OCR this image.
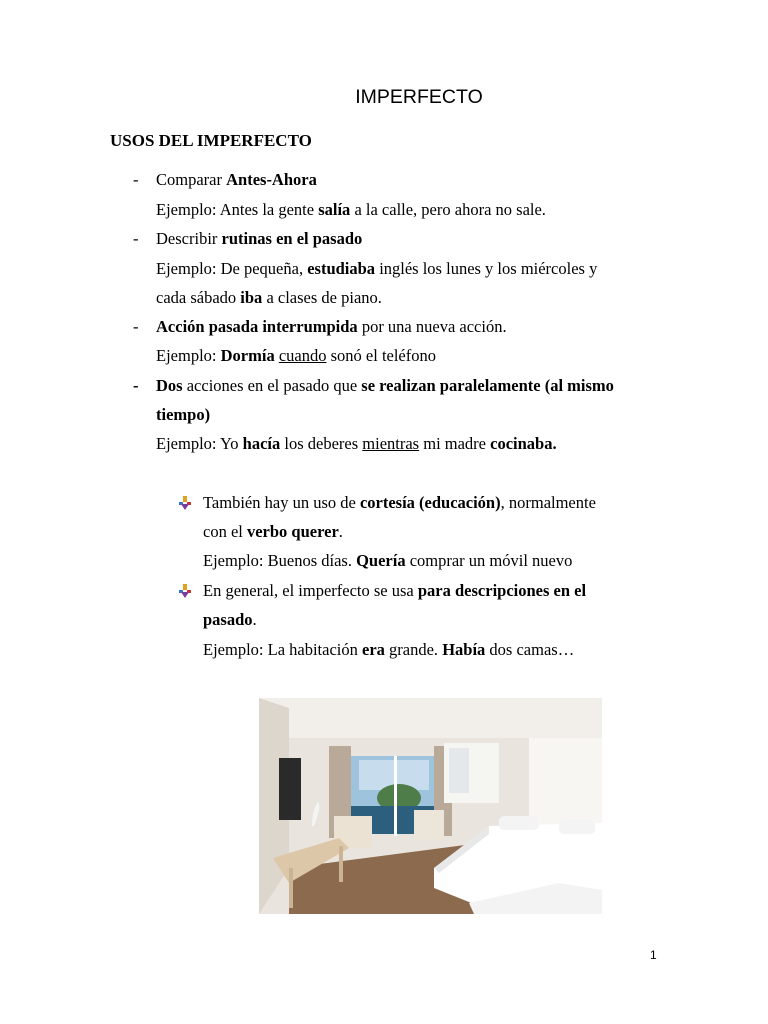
IMPERFECTO
USOS DEL IMPERFECTO
- Comparar Antes-Ahora
Ejemplo: Antes la gente salía a la calle, pero ahora no sale.
- Describir rutinas en el pasado
Ejemplo: De pequeña, estudiaba inglés los lunes y los miércoles y
cada sábado iba a clases de piano.
- Acción pasada interrumpida por una nueva acción.
Ejemplo: Dormía cuando sonó el teléfono
- Dos acciones en el pasado que se realizan paralelamente (al mismo
tiempo)
Ejemplo: Yo hacía los deberes mientras mi madre cocinaba.
También hay un uso de cortesía (educación), normalmente
con el verbo querer.
Ejemplo: Buenos días. Quería comprar un móvil nuevo
En general, el imperfecto se usa para descripciones en el
pasado.
Ejemplo: La habitación era grande. Había dos camas…
1
